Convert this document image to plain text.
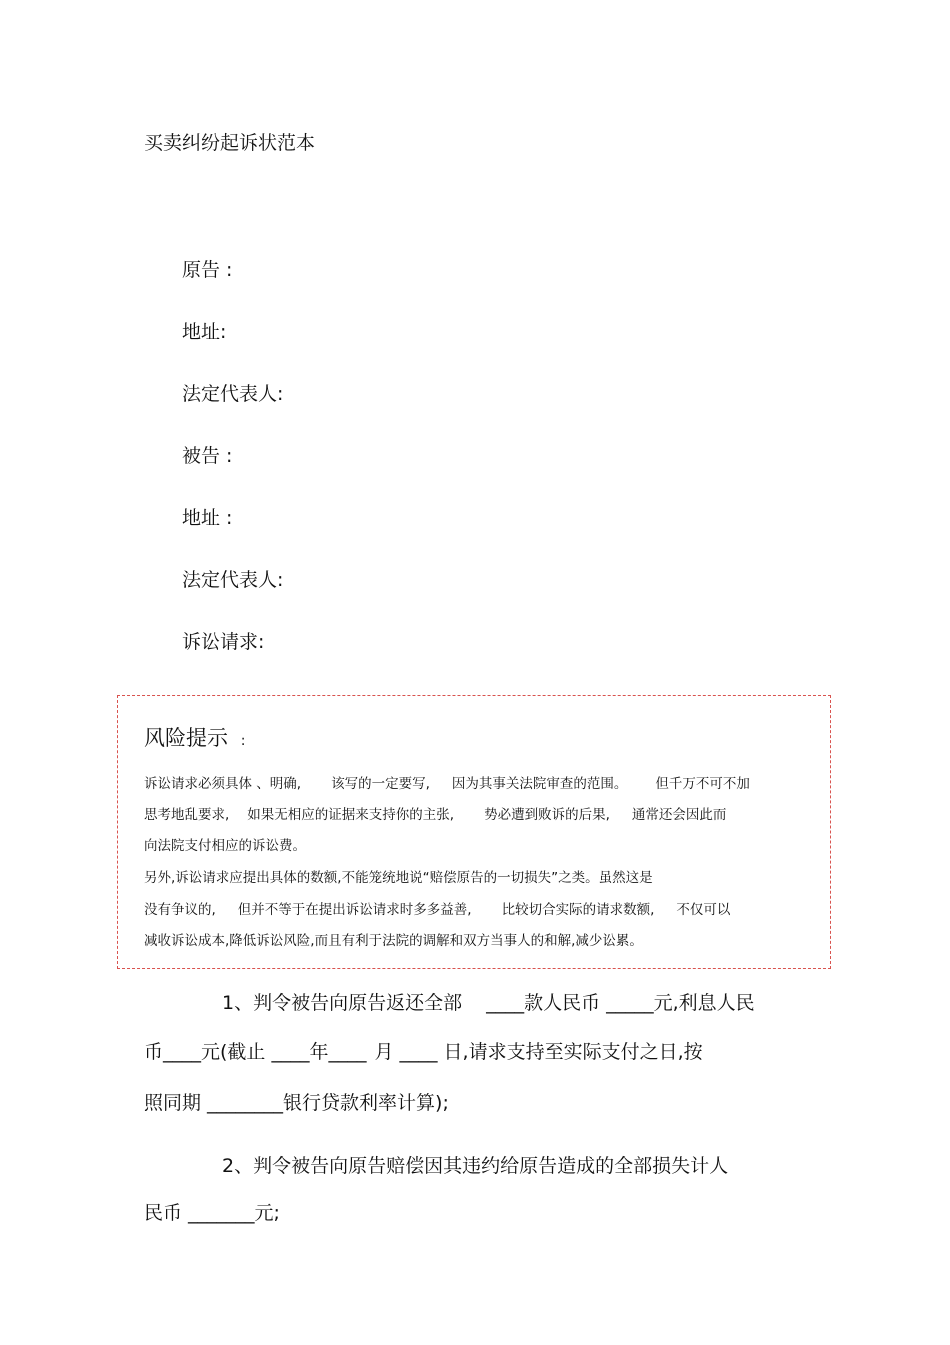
买卖纠纷起诉状范本
原告 :
地址:
法定代表人:
被告 :
地址 :
法定代表人:
诉讼请求:
风险提示 :
诉讼请求必须具体 、明确, 该写的一定要写, 因为其事关法院审查的范围。 但千万不可不加
思考地乱要求, 如果无相应的证据来支持你的主张, 势必遭到败诉的后果, 通常还会因此而
向法院支付相应的诉讼费。
另外,诉讼请求应提出具体的数额,不能笼统地说“赔偿原告的一切损失”之类。虽然这是
没有争议的, 但并不等于在提出诉讼请求时多多益善, 比较切合实际的请求数额, 不仅可以
减收诉讼成本,降低诉讼风险,而且有利于法院的调解和双方当事人的和解,减少讼累。
1、判令被告向原告返还全部 ____款人民币 _____元,利息人民
币____元(截止 ____年____ 月 ____ 日,请求支持至实际支付之日,按
照同期 ________银行贷款利率计算);
2、判令被告向原告赔偿因其违约给原告造成的全部损失计人
民币 _______元;
